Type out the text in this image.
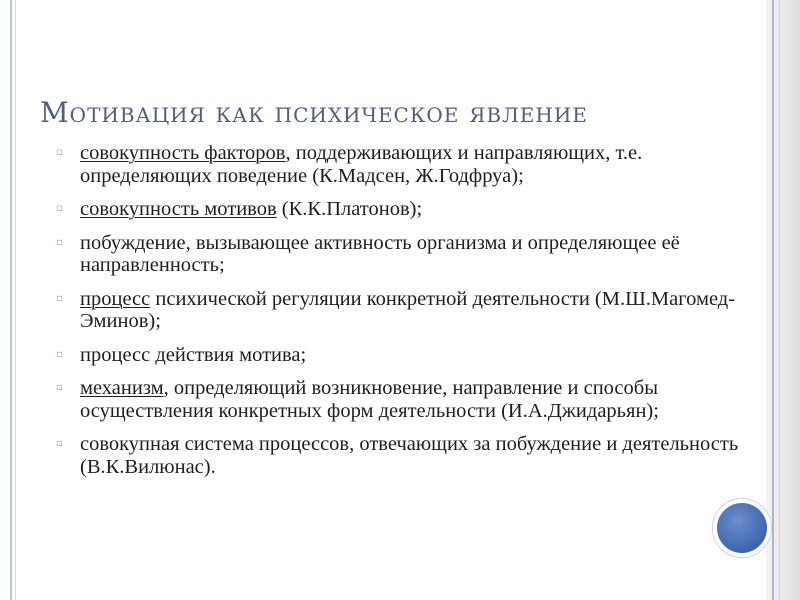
Мотивация как психическое явление
▫ совокупность факторов, поддерживающих и направляющих, т.е. определяющих поведение (К.Мадсен, Ж.Годфруа);
▫ совокупность мотивов (К.К.Платонов);
▫ побуждение, вызывающее активность организма и определяющее её направленность;
▫ процесс психической регуляции конкретной деятельности (М.Ш.Магомед-Эминов);
▫ процесс действия мотива;
▫ механизм, определяющий возникновение, направление и способы осуществления конкретных форм деятельности (И.А.Джидарьян);
▫ совокупная система процессов, отвечающих за побуждение и деятельность (В.К.Вилюнас).
